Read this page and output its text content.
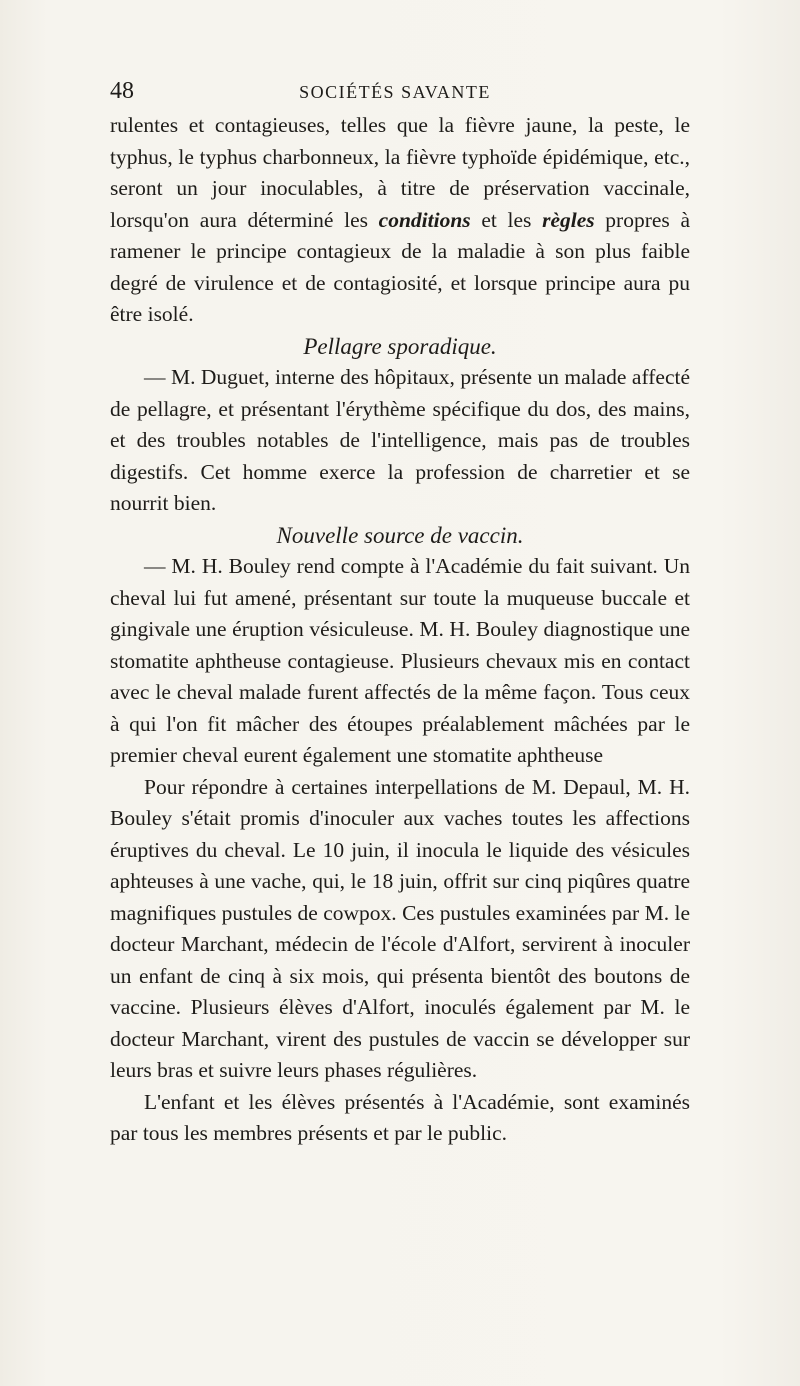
48	SOCIÉTÉS SAVANTE

rulentes et contagieuses, telles que la fièvre jaune, la peste, le typhus, le typhus charbonneux, la fièvre typhoïde épidémique, etc., seront un jour inoculables, à titre de préservation vaccinale, lorsqu'on aura déterminé les conditions et les règles propres à ramener le principe contagieux de la maladie à son plus faible degré de virulence et de contagiosité, et lorsque principe aura pu être isolé.

Pellagre sporadique.

— M. Duguet, interne des hôpitaux, présente un malade affecté de pellagre, et présentant l'érythème spécifique du dos, des mains, et des troubles notables de l'intelligence, mais pas de troubles digestifs. Cet homme exerce la profession de charretier et se nourrit bien.

Nouvelle source de vaccin.

— M. H. Bouley rend compte à l'Académie du fait suivant. Un cheval lui fut amené, présentant sur toute la muqueuse buccale et gingivale une éruption vésiculeuse. M. H. Bouley diagnostique une stomatite aphtheuse contagieuse. Plusieurs chevaux mis en contact avec le cheval malade furent affectés de la même façon. Tous ceux à qui l'on fit mâcher des étoupes préalablement mâchées par le premier cheval eurent également une stomatite aphtheuse

Pour répondre à certaines interpellations de M. Depaul, M. H. Bouley s'était promis d'inoculer aux vaches toutes les affections éruptives du cheval. Le 10 juin, il inocula le liquide des vésicules aphteuses à une vache, qui, le 18 juin, offrit sur cinq piqûres quatre magnifiques pustules de cowpox. Ces pustules examinées par M. le docteur Marchant, médecin de l'école d'Alfort, servirent à inoculer un enfant de cinq à six mois, qui présenta bientôt des boutons de vaccine. Plusieurs élèves d'Alfort, inoculés également par M. le docteur Marchant, virent des pustules de vaccin se développer sur leurs bras et suivre leurs phases régulières.

L'enfant et les élèves présentés à l'Académie, sont examinés par tous les membres présents et par le public.
